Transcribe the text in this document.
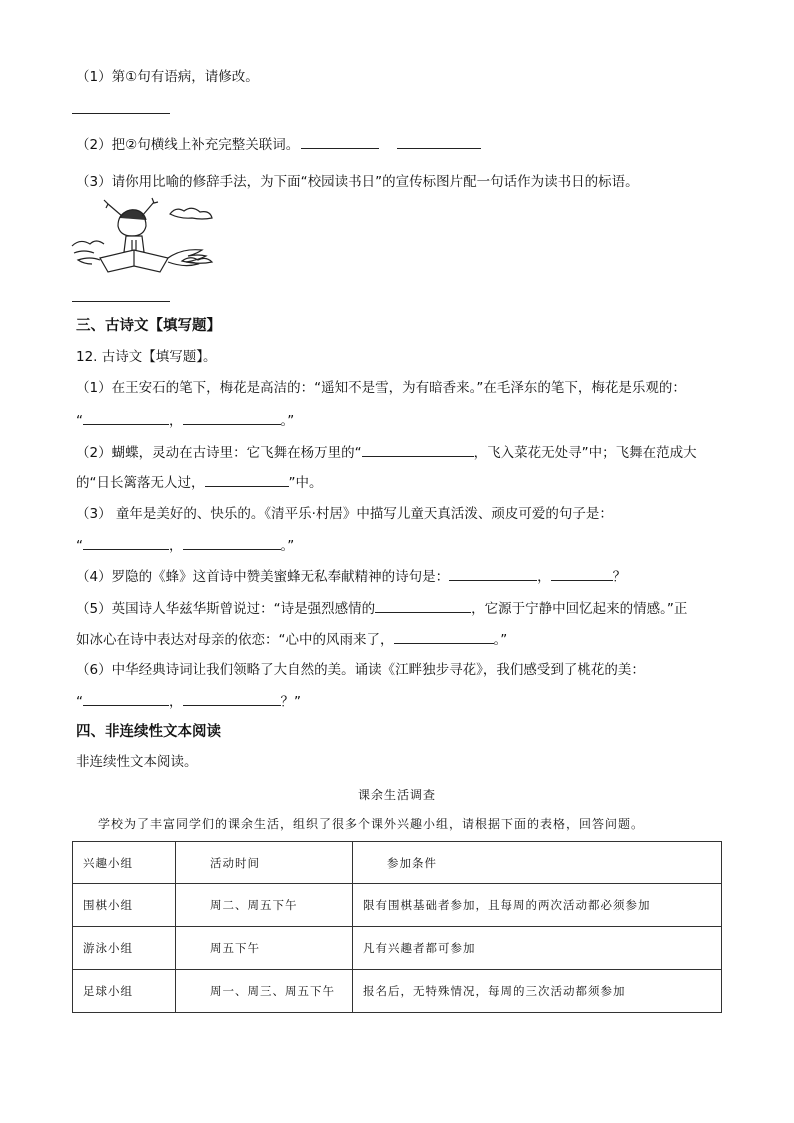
（1）第①句有语病，请修改。
（2）把②句横线上补充完整关联词。
（3）请你用比喻的修辞手法，为下面“校园读书日”的宣传标图片配一句话作为读书日的标语。
三、古诗文【填写题】
12. 古诗文【填写题】。
（1）在王安石的笔下，梅花是高洁的：“遥知不是雪，为有暗香来。”在毛泽东的笔下，梅花是乐观的：
“	，	。”
（2）蝴蝶，灵动在古诗里：它飞舞在杨万里的“	，飞入菜花无处寻”中；飞舞在范成大
的“日长篱落无人过，	”中。
（3） 童年是美好的、快乐的。《清平乐·村居》中描写儿童天真活泼、顽皮可爱的句子是：
“	，	。”
（4）罗隐的《蜂》这首诗中赞美蜜蜂无私奉献精神的诗句是：	，	？
（5）英国诗人华兹华斯曾说过：“诗是强烈感情的	，它源于宁静中回忆起来的情感。”正
如冰心在诗中表达对母亲的依恋：“心中的风雨来了，	。”
（6）中华经典诗词让我们领略了大自然的美。诵读《江畔独步寻花》，我们感受到了桃花的美：
“	，	？”
四、非连续性文本阅读
非连续性文本阅读。
课余生活调查
学校为了丰富同学们的课余生活，组织了很多个课外兴趣小组，请根据下面的表格，回答问题。
兴趣小组	活动时间	参加条件
围棋小组	周二、周五下午	限有围棋基础者参加，且每周的两次活动都必须参加
游泳小组	周五下午	凡有兴趣者都可参加
足球小组	周一、周三、周五下午	报名后，无特殊情况，每周的三次活动都须参加
